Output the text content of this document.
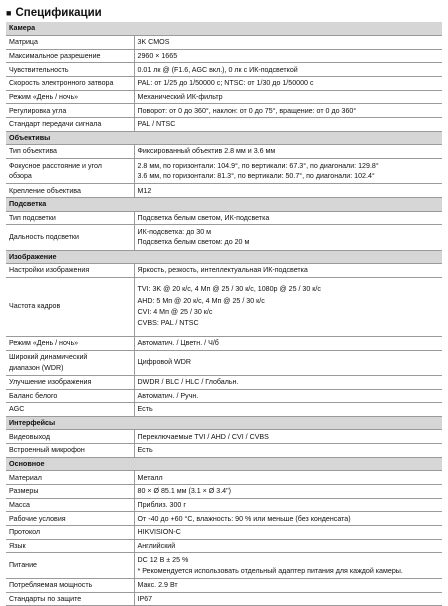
■ Спецификации
Камера	

Матрица	3K CMOS

Максимальное разрешение	2960 × 1665

Чувствительность	0.01 лк @ (F1.6, AGC вкл.), 0 лк с ИК-подсветкой

Скорость электронного затвора	PAL: от 1/25 до 1/50000 с; NTSC: от 1/30 до 1/50000 с

Режим «День / ночь»	Механический ИК-фильтр

Регулировка угла	Поворот: от 0 до 360°, наклон: от 0 до 75°, вращение: от 0 до 360°

Стандарт передачи сигнала	PAL / NTSC

Объективы	

Тип объектива	Фиксированный объектив 2.8 мм и 3.6 мм

Фокусное расстояние и угол
обзора	2.8 мм, по горизонтали: 104.9°, по вертикали: 67.3°, по диагонали: 129.8°
3.6 мм, по горизонтали: 81.3°, по вертикали: 50.7°, по диагонали: 102.4°

Крепление объектива	M12

Подсветка	

Тип подсветки	Подсветка белым светом, ИК-подсветка

Дальность подсветки	ИК-подсветка: до 30 м
Подсветка белым светом: до 20 м

Изображение	

Настройки изображения	Яркость, резкость, интеллектуальная ИК-подсветка

Частота кадров	TVI: 3K @ 20 к/с, 4 Мп @ 25 / 30 к/с, 1080p @ 25 / 30 к/с
AHD: 5 Мп @ 20 к/с, 4 Мп @ 25 / 30 к/с
CVI: 4 Мп @ 25 / 30 к/с
CVBS: PAL / NTSC

Режим «День / ночь»	Автоматич. / Цветн. / Ч/б

Широкий динамический
диапазон (WDR)	Цифровой WDR

Улучшение изображения	DWDR / BLC / HLC / Глобальн.

Баланс белого	Автоматич. / Ручн.

AGC	Есть

Интерфейсы	

Видеовыход	Переключаемые TVI / AHD / CVI / CVBS

Встроенный микрофон	Есть

Основное	

Материал	Металл

Размеры	80 × Ø 85.1 мм (3.1 × Ø 3.4")

Масса	Приблиз. 300 г

Рабочие условия	От -40 до +60 °C, влажность: 90 % или меньше (без конденсата)

Протокол	HIKVISION-C

Язык	Английский

Питание	DC 12 В ± 25 %
* Рекомендуется использовать отдельный адаптер питания для каждой камеры.

Потребляемая мощность	Макс. 2.9 Вт

Стандарты по защите	IP67
